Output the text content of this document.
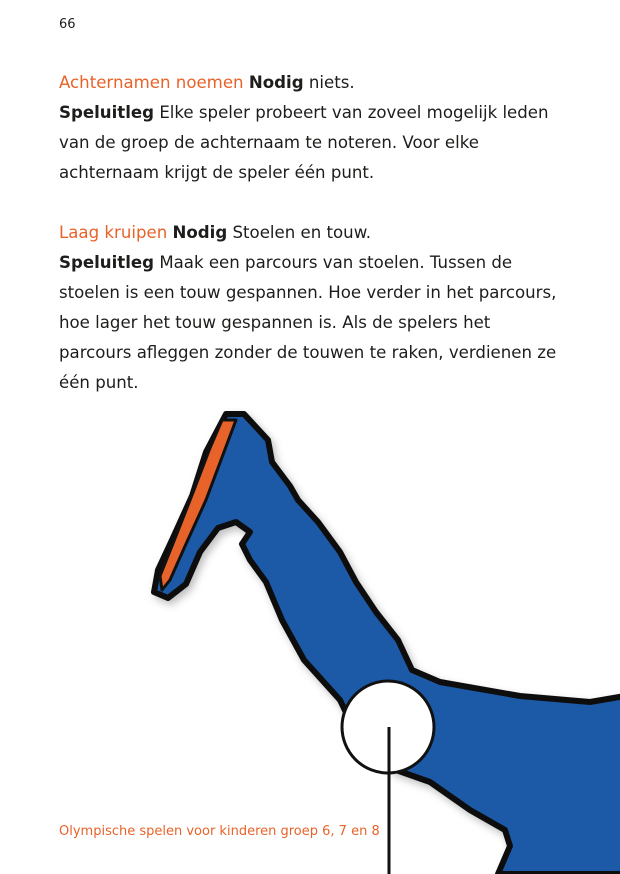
66

Achternamen noemen Nodig niets.

Speluitleg Elke speler probeert van zoveel mogelijk leden van de groep de achternaam te noteren. Voor elke achternaam krijgt de speler één punt.

Laag kruipen Nodig Stoelen en touw.

Speluitleg Maak een parcours van stoelen. Tussen de stoelen is een touw gespannen. Hoe verder in het parcours, hoe lager het touw gespannen is. Als de spelers het parcours afleggen zonder de touwen te raken, verdienen ze één punt.

Olympische spelen voor kinderen groep 6, 7 en 8
